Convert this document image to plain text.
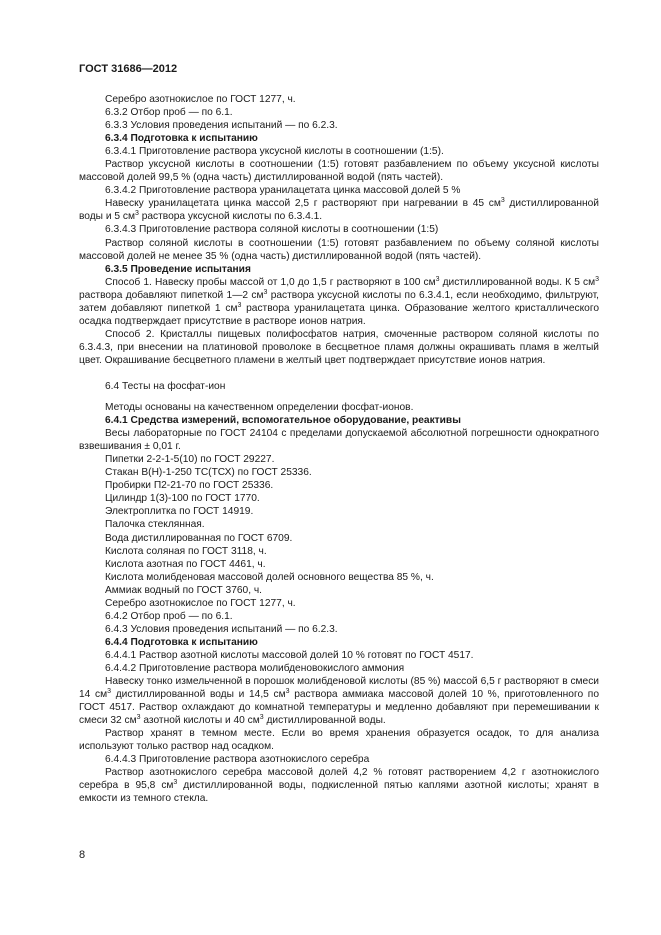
ГОСТ 31686—2012

Серебро азотнокислое по ГОСТ 1277, ч.

6.3.2 Отбор проб — по 6.1.

6.3.3 Условия проведения испытаний — по 6.2.3.

6.3.4 Подготовка к испытанию

6.3.4.1 Приготовление раствора уксусной кислоты в соотношении (1:5).

Раствор уксусной кислоты в соотношении (1:5) готовят разбавлением по объему уксусной кислоты массовой долей 99,5 % (одна часть) дистиллированной водой (пять частей).

6.3.4.2 Приготовление раствора уранилацетата цинка массовой долей 5 %

Навеску уранилацетата цинка массой 2,5 г растворяют при нагревании в 45 $см^3$ дистиллированной воды и 5 $см^3$ раствора уксусной кислоты по 6.3.4.1.

6.3.4.3 Приготовление раствора соляной кислоты в соотношении (1:5)

Раствор соляной кислоты в соотношении (1:5) готовят разбавлением по объему соляной кислоты массовой долей не менее 35 % (одна часть) дистиллированной водой (пять частей).

6.3.5 Проведение испытания

Способ 1. Навеску пробы массой от 1,0 до 1,5 г растворяют в 100 $см^3$ дистиллированной воды. К 5 $см^3$ раствора добавляют пипеткой 1—2 $см^3$ раствора уксусной кислоты по 6.3.4.1, если необходимо, фильтруют, затем добавляют пипеткой 1 $см^3$ раствора уранилацетата цинка. Образование желтого кристаллического осадка подтверждает присутствие в растворе ионов натрия.

Способ 2. Кристаллы пищевых полифосфатов натрия, смоченные раствором соляной кислоты по 6.3.4.3, при внесении на платиновой проволоке в бесцветное пламя должны окрашивать пламя в желтый цвет. Окрашивание бесцветного пламени в желтый цвет подтверждает присутствие ионов натрия.

6.4 Тесты на фосфат-ион

Методы основаны на качественном определении фосфат-ионов.

6.4.1 Средства измерений, вспомогательное оборудование, реактивы

Весы лабораторные по ГОСТ 24104 с пределами допускаемой абсолютной погрешности однократного взвешивания ± 0,01 г.

Пипетки 2-2-1-5(10) по ГОСТ 29227.

Стакан В(Н)-1-250 ТС(ТСХ) по ГОСТ 25336.

Пробирки П2-21-70 по ГОСТ 25336.

Цилиндр 1(3)-100 по ГОСТ 1770.

Электроплитка по ГОСТ 14919.

Палочка стеклянная.

Вода дистиллированная по ГОСТ 6709.

Кислота соляная по ГОСТ 3118, ч.

Кислота азотная по ГОСТ 4461, ч.

Кислота молибденовая массовой долей основного вещества 85 %, ч.

Аммиак водный по ГОСТ 3760, ч.

Серебро азотнокислое по ГОСТ 1277, ч.

6.4.2 Отбор проб — по 6.1.

6.4.3 Условия проведения испытаний — по 6.2.3.

6.4.4 Подготовка к испытанию

6.4.4.1 Раствор азотной кислоты массовой долей 10 % готовят по ГОСТ 4517.

6.4.4.2 Приготовление раствора молибденовокислого аммония

Навеску тонко измельченной в порошок молибденовой кислоты (85 %) массой 6,5 г растворяют в смеси 14 $см^3$ дистиллированной воды и 14,5 $см^3$ раствора аммиака массовой долей 10 %, приготовленного по ГОСТ 4517. Раствор охлаждают до комнатной температуры и медленно добавляют при перемешивании к смеси 32 $см^3$ азотной кислоты и 40 $см^3$ дистиллированной воды.

Раствор хранят в темном месте. Если во время хранения образуется осадок, то для анализа используют только раствор над осадком.

6.4.4.3 Приготовление раствора азотнокислого серебра

Раствор азотнокислого серебра массовой долей 4,2 % готовят растворением 4,2 г азотнокислого серебра в 95,8 $см^3$ дистиллированной воды, подкисленной пятью каплями азотной кислоты; хранят в емкости из темного стекла.

8
